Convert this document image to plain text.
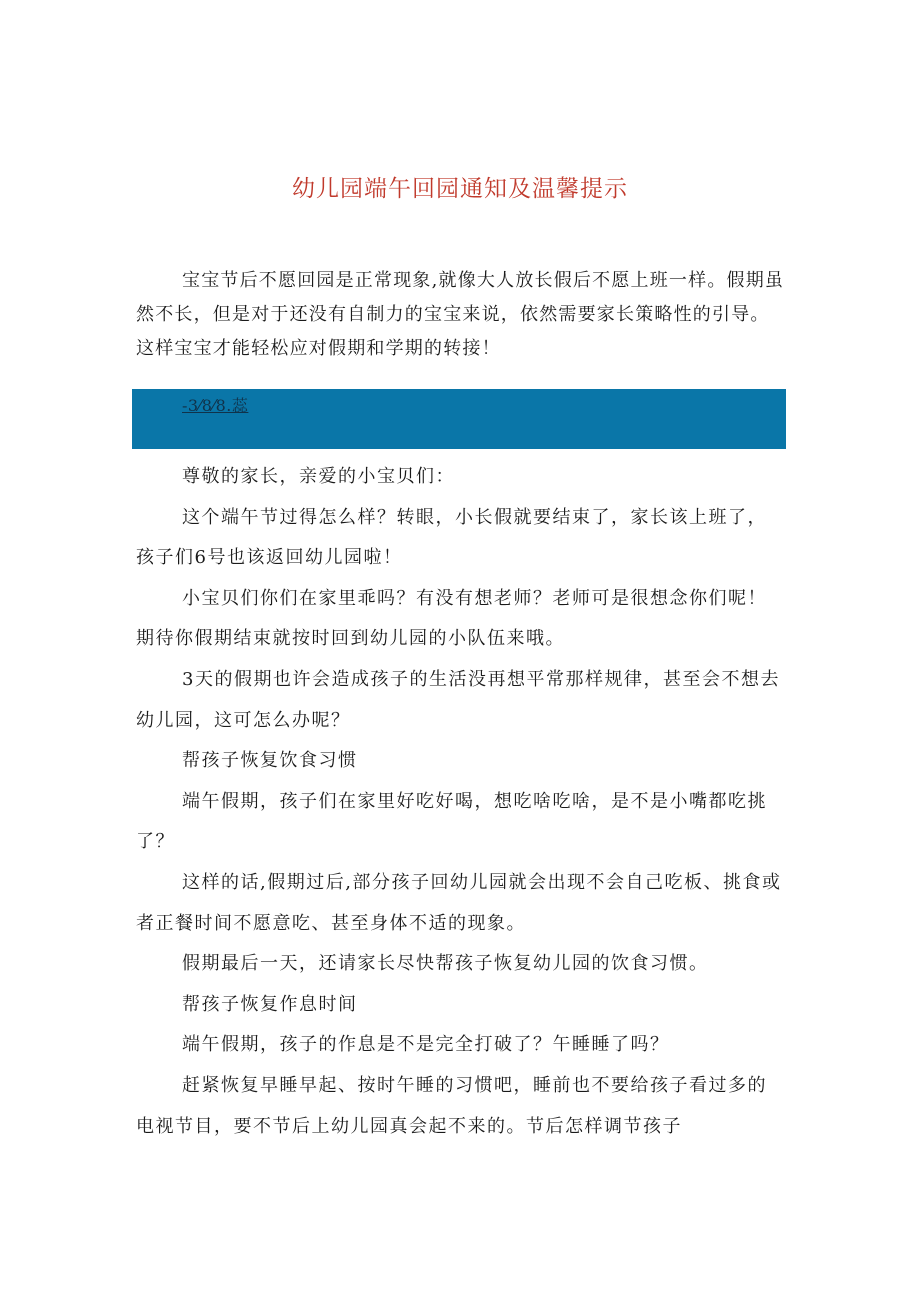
幼儿园端午回园通知及温馨提示
宝宝节后不愿回园是正常现象,就像大人放长假后不愿上班一样。假期虽然不长，但是对于还没有自制力的宝宝来说，依然需要家长策略性的引导。这样宝宝才能轻松应对假期和学期的转接！
-3⁄8⁄8.蕊

尊敬的家长，亲爱的小宝贝们：

这个端午节过得怎么样？转眼，小长假就要结束了，家长该上班了，孩子们6号也该返回幼儿园啦！

小宝贝们你们在家里乖吗？有没有想老师？老师可是很想念你们呢！期待你假期结束就按时回到幼儿园的小队伍来哦。

3天的假期也许会造成孩子的生活没再想平常那样规律，甚至会不想去幼儿园，这可怎么办呢？

帮孩子恢复饮食习惯

端午假期，孩子们在家里好吃好喝，想吃啥吃啥，是不是小嘴都吃挑了？

这样的话,假期过后,部分孩子回幼儿园就会出现不会自己吃板、挑食或者正餐时间不愿意吃、甚至身体不适的现象。

假期最后一天，还请家长尽快帮孩子恢复幼儿园的饮食习惯。

帮孩子恢复作息时间

端午假期，孩子的作息是不是完全打破了？午睡睡了吗？

赶紧恢复早睡早起、按时午睡的习惯吧，睡前也不要给孩子看过多的电视节目，要不节后上幼儿园真会起不来的。节后怎样调节孩子
